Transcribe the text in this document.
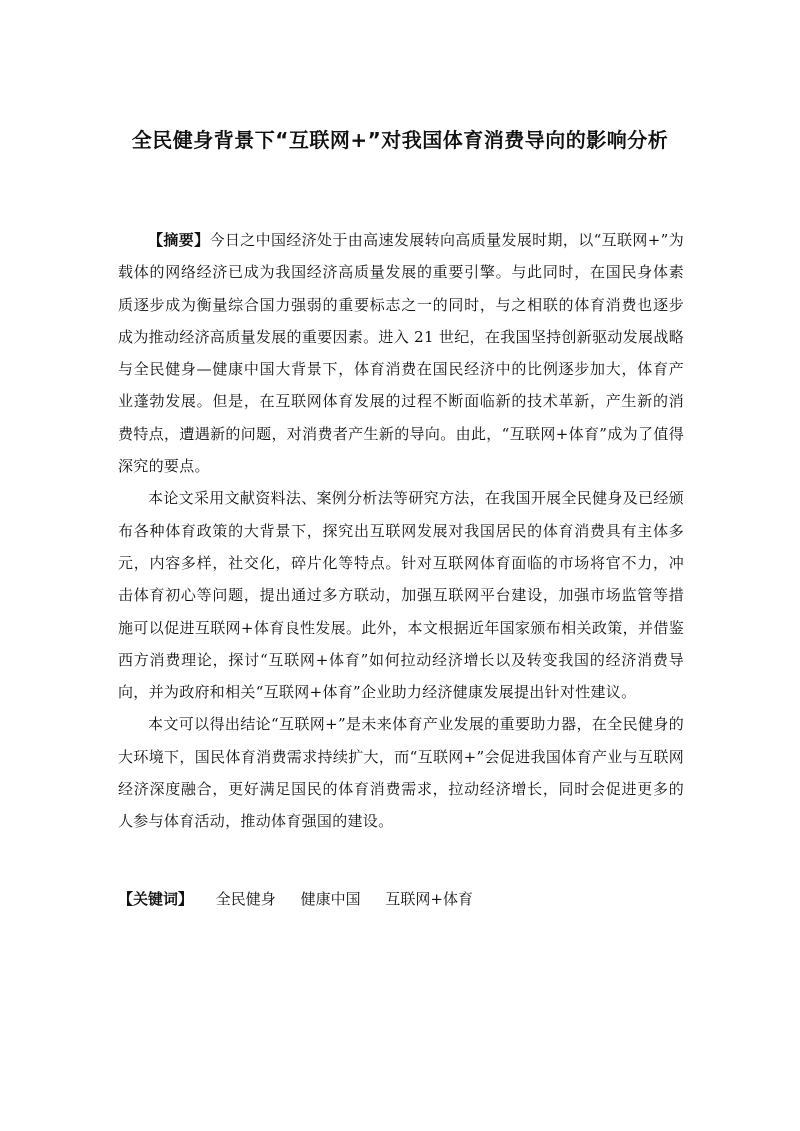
全民健身背景下“互联网+”对我国体育消费导向的影响分析

【摘要】今日之中国经济处于由高速发展转向高质量发展时期，以“互联网+”为载体的网络经济已成为我国经济高质量发展的重要引擎。与此同时，在国民身体素质逐步成为衡量综合国力强弱的重要标志之一的同时，与之相联的体育消费也逐步成为推动经济高质量发展的重要因素。进入 21 世纪，在我国坚持创新驱动发展战略与全民健身—健康中国大背景下，体育消费在国民经济中的比例逐步加大，体育产业蓬勃发展。但是，在互联网体育发展的过程不断面临新的技术革新，产生新的消费特点，遭遇新的问题，对消费者产生新的导向。由此，“互联网+体育”成为了值得深究的要点。

本论文采用文献资料法、案例分析法等研究方法，在我国开展全民健身及已经颁布各种体育政策的大背景下，探究出互联网发展对我国居民的体育消费具有主体多元，内容多样，社交化，碎片化等特点。针对互联网体育面临的市场将官不力，冲击体育初心等问题，提出通过多方联动，加强互联网平台建设，加强市场监管等措施可以促进互联网+体育良性发展。此外，本文根据近年国家颁布相关政策，并借鉴西方消费理论，探讨“互联网+体育”如何拉动经济增长以及转变我国的经济消费导向，并为政府和相关“互联网+体育”企业助力经济健康发展提出针对性建议。

本文可以得出结论“互联网+”是未来体育产业发展的重要助力器，在全民健身的大环境下，国民体育消费需求持续扩大，而“互联网+”会促进我国体育产业与互联网经济深度融合，更好满足国民的体育消费需求，拉动经济增长，同时会促进更多的人参与体育活动，推动体育强国的建设。

【关键词】 全民健身 健康中国 互联网+体育
